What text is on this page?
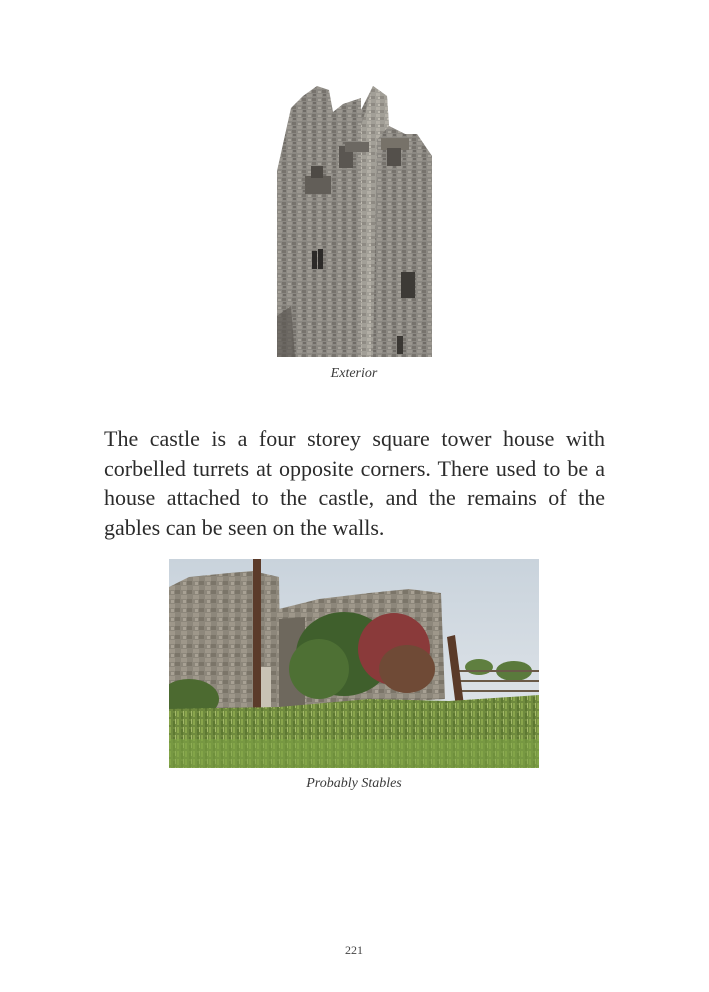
Exterior

The castle is a four storey square tower house with corbelled turrets at opposite corners. There used to be a house attached to the castle, and the remains of the gables can be seen on the walls.

Probably Stables
221
